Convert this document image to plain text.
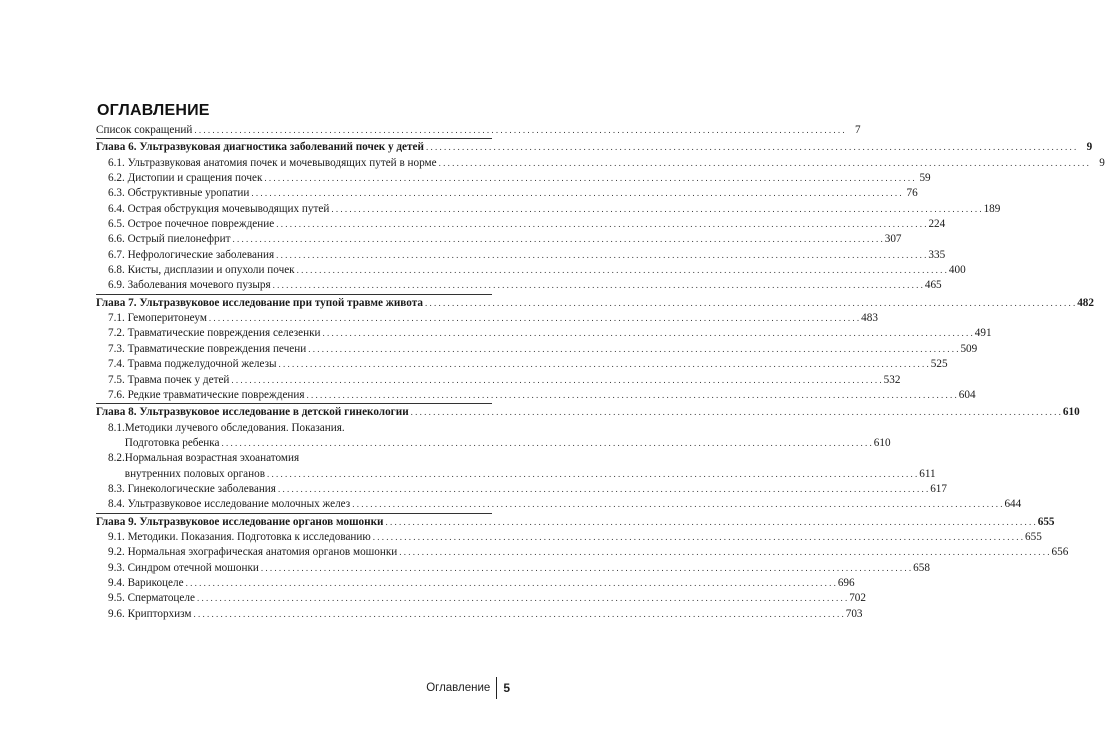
ОГЛАВЛЕНИЕ
Список сокращений . . .	7
Глава 6. Ультразвуковая диагностика заболеваний почек у детей . . .	9
6.1. Ультразвуковая анатомия почек и мочевыводящих путей в норме . . .	9
6.2. Дистопии и сращения почек . . .	59
6.3. Обструктивные уропатии . . .	76
6.4. Острая обструкция мочевыводящих путей . . .	189
6.5. Острое почечное повреждение . . .	224
6.6. Острый пиелонефрит . . .	307
6.7. Нефрологические заболевания . . .	335
6.8. Кисты, дисплазии и опухоли почек . . .	400
6.9. Заболевания мочевого пузыря . . .	465
Глава 7. Ультразвуковое исследование при тупой травме живота . . .	482
7.1. Гемоперитонеум . . .	483
7.2. Травматические повреждения селезенки . . .	491
7.3. Травматические повреждения печени . . .	509
7.4. Травма поджелудочной железы . . .	525
7.5. Травма почек у детей . . .	532
7.6. Редкие травматические повреждения . . .	604
Глава 8. Ультразвуковое исследование в детской гинекологии . . .	610
8.1. Методики лучевого обследования. Показания.
Подготовка ребенка . . .	610
8.2. Нормальная возрастная эхоанатомия
внутренних половых органов . . .	611
8.3. Гинекологические заболевания . . .	617
8.4. Ультразвуковое исследование молочных желез . . .	644
Глава 9. Ультразвуковое исследование органов мошонки . . .	655
9.1. Методики. Показания. Подготовка к исследованию . . .	655
9.2. Нормальная эхографическая анатомия органов мошонки . . .	656
9.3. Синдром отечной мошонки . . .	658
9.4. Варикоцеле . . .	696
9.5. Сперматоцеле . . .	702
9.6. Крипторхизм . . .	703
Оглавление 5
